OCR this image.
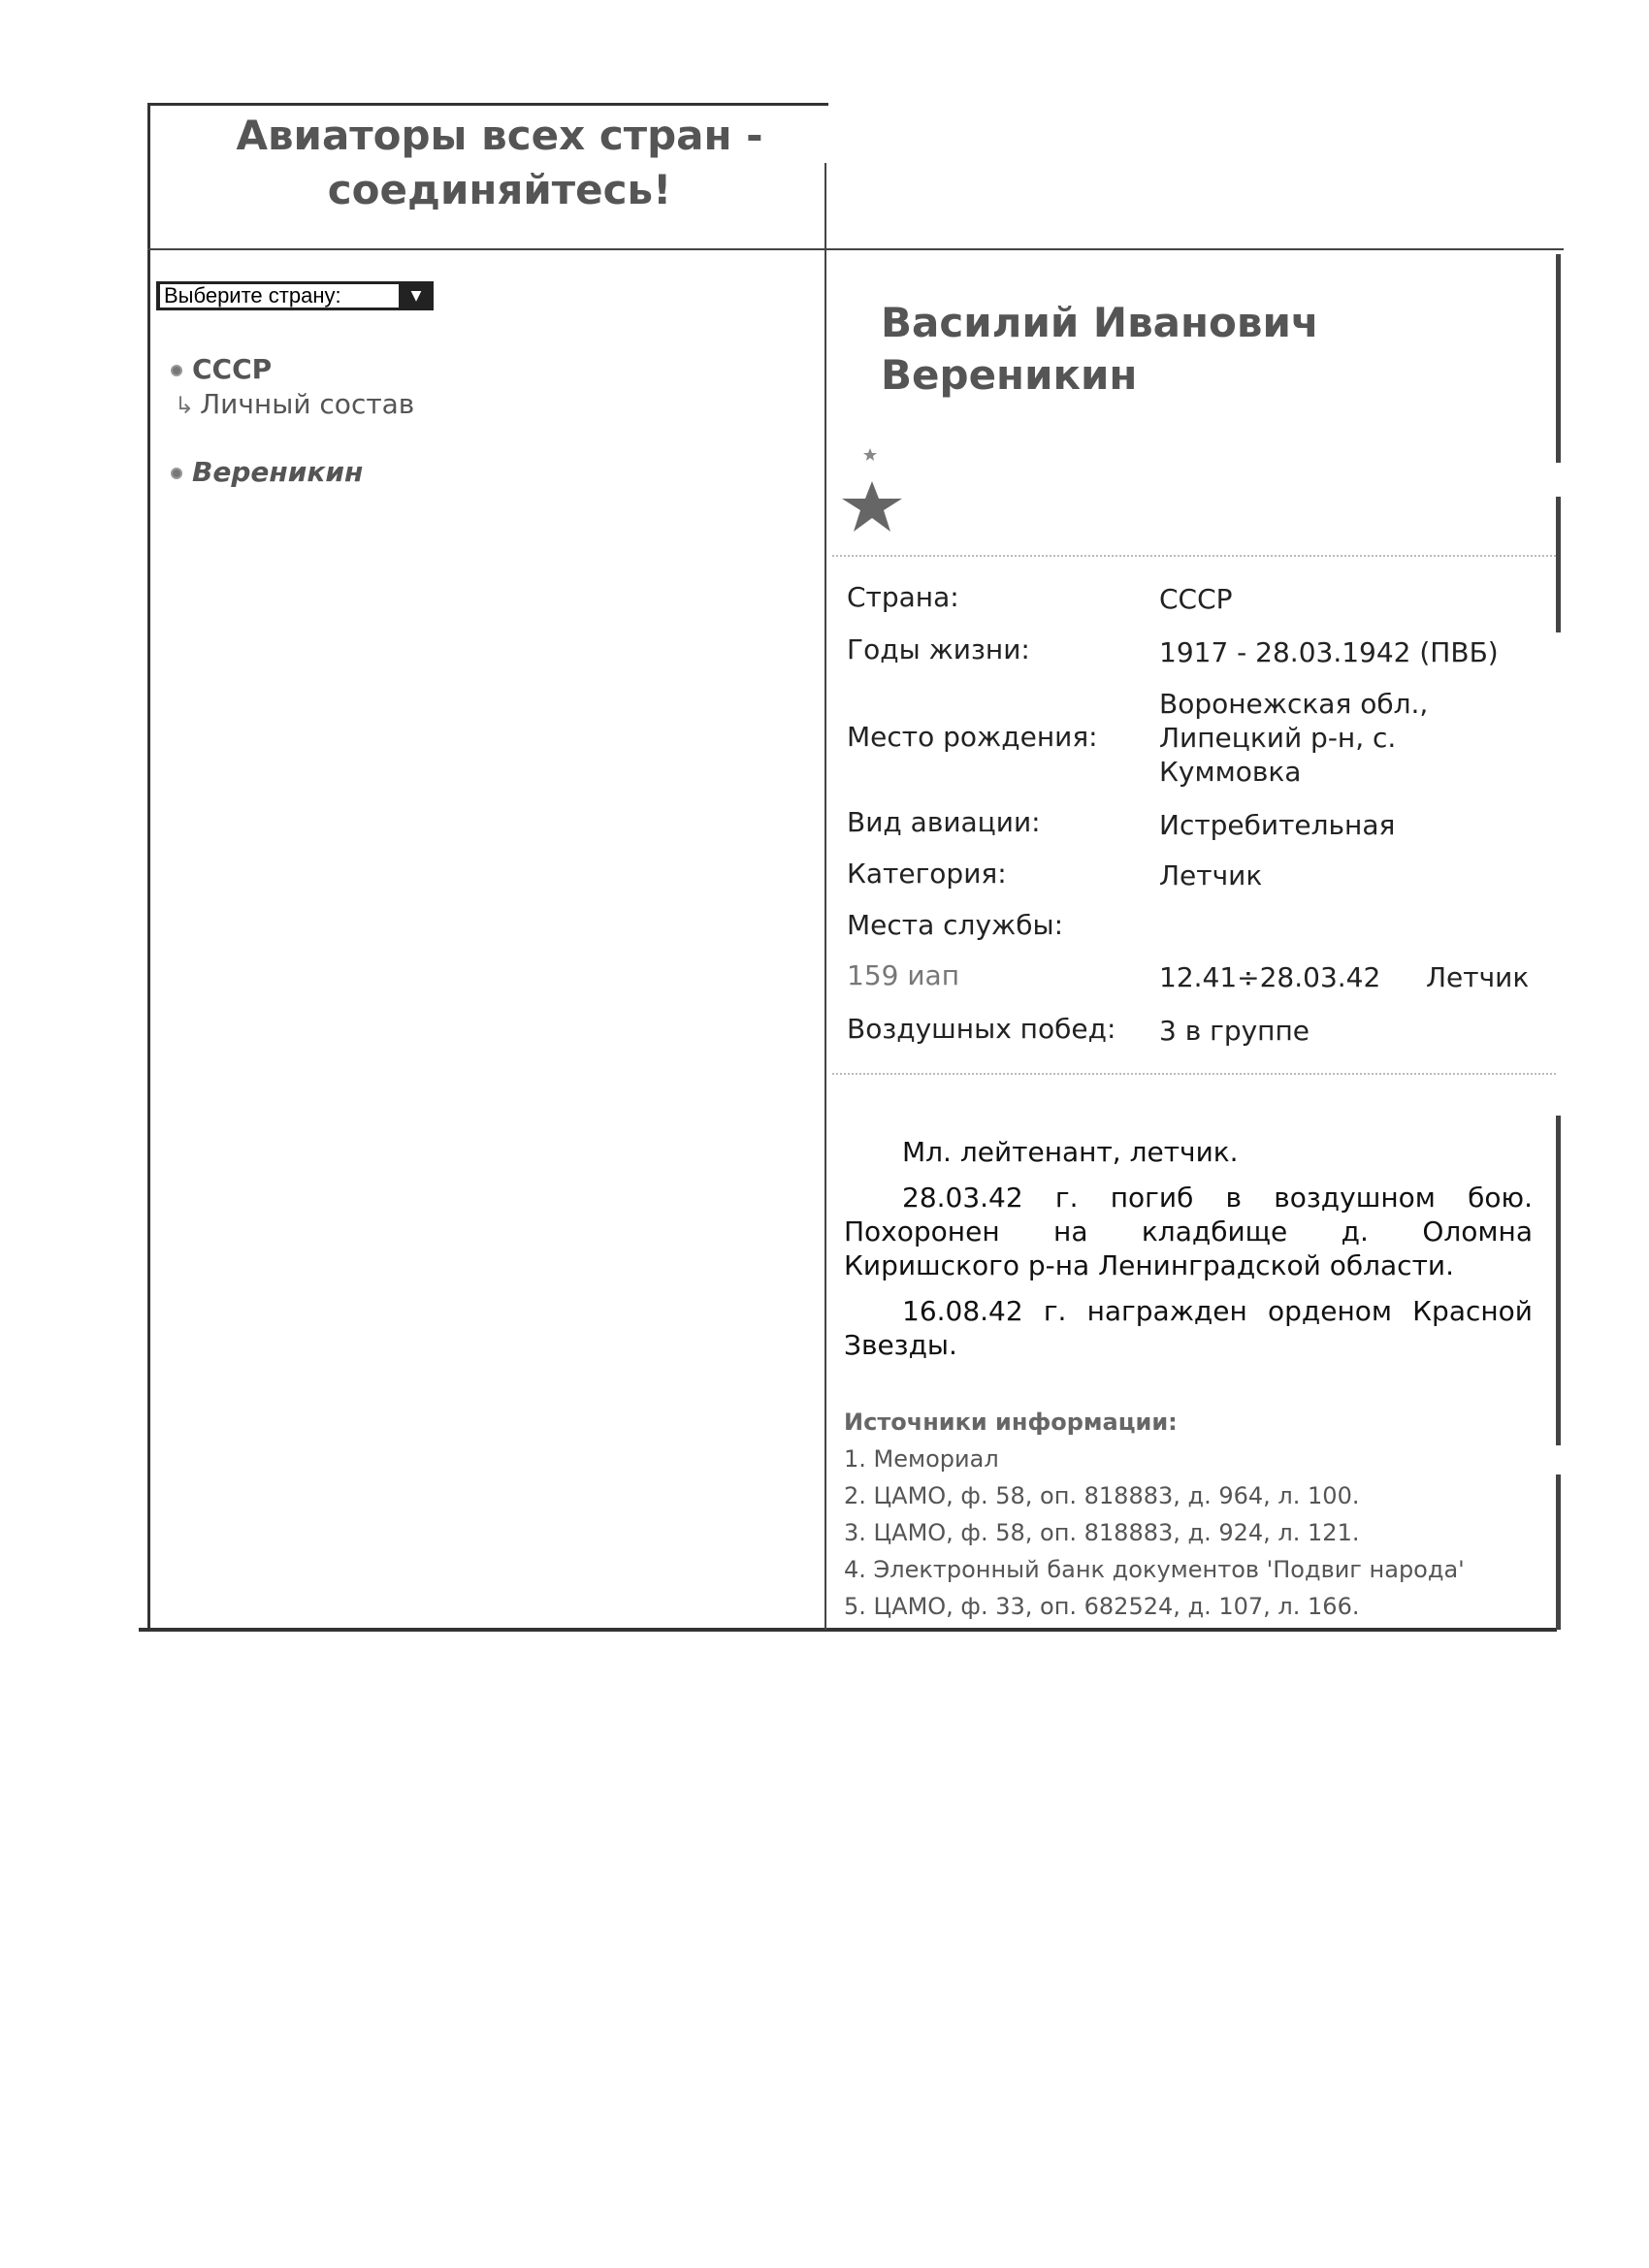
Авиаторы всех стран -
соединяйтесь!
Выберите страну:	▼
СССР
↳ Личный состав
Вереникин
Василий Иванович
Вереникин
Страна:	СССР
Годы жизни:	1917 - 28.03.1942 (ПВБ)
Место рождения:
Воронежская обл.,
Липецкий р-н, с.
Куммовка
Вид авиации:	Истребительная
Категория:	Летчик
Места службы:
159 иап	12.41÷28.03.42 Летчик
Воздушных побед: 3 в группе

Мл. лейтенант, летчик.

28.03.42 г. погиб в воздушном бою. Похоронен на кладбище д. Оломна Киришского р-на Ленинградской области.

16.08.42 г. награжден орденом Красной Звезды.

Источники информации:
1. Мемориал
2. ЦАМО, ф. 58, оп. 818883, д. 964, л. 100.
3. ЦАМО, ф. 58, оп. 818883, д. 924, л. 121.
4. Электронный банк документов 'Подвиг народа'
5. ЦАМО, ф. 33, оп. 682524, д. 107, л. 166.
